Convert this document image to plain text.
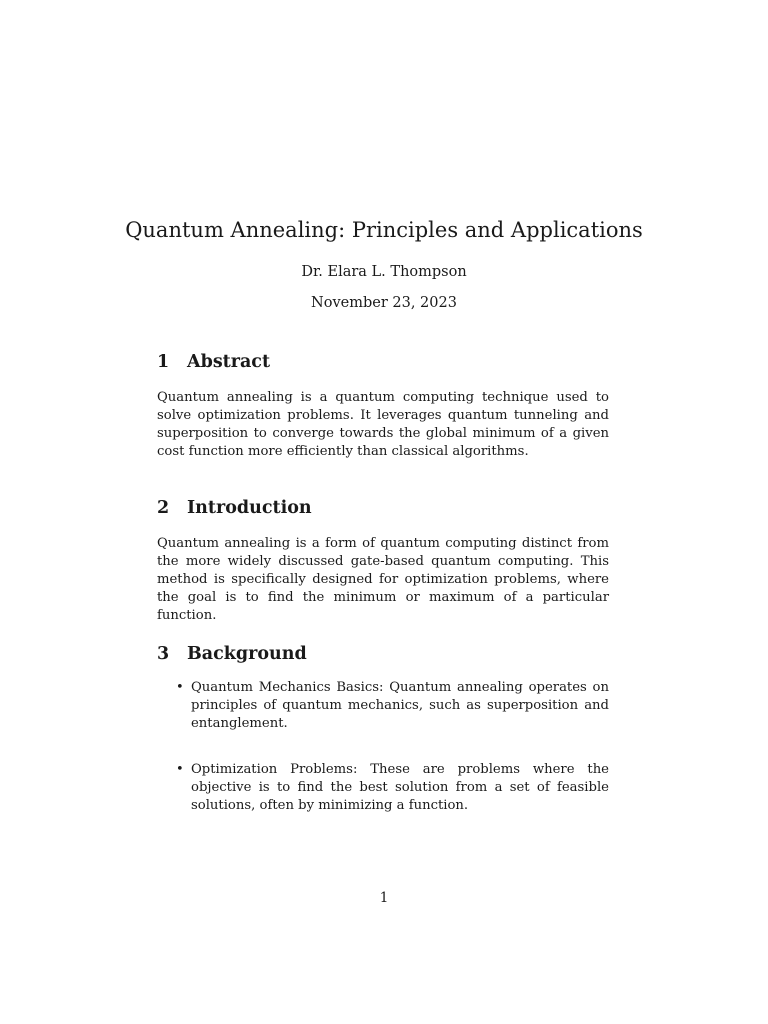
Quantum Annealing: Principles and Applications

Dr. Elara L. Thompson

November 23, 2023

1 Abstract

Quantum annealing is a quantum computing technique used to solve optimization problems. It leverages quantum tunneling and superposition to converge towards the global minimum of a given cost function more efficiently than classical algorithms.

2 Introduction

Quantum annealing is a form of quantum computing distinct from the more widely discussed gate-based quantum computing. This method is specifically designed for optimization problems, where the goal is to find the minimum or maximum of a particular function.

3 Background
• Quantum Mechanics Basics: Quantum annealing operates on principles of quantum mechanics, such as superposition and entanglement.
• Optimization Problems: These are problems where the objective is to find the best solution from a set of feasible solutions, often by minimizing a function.
1
